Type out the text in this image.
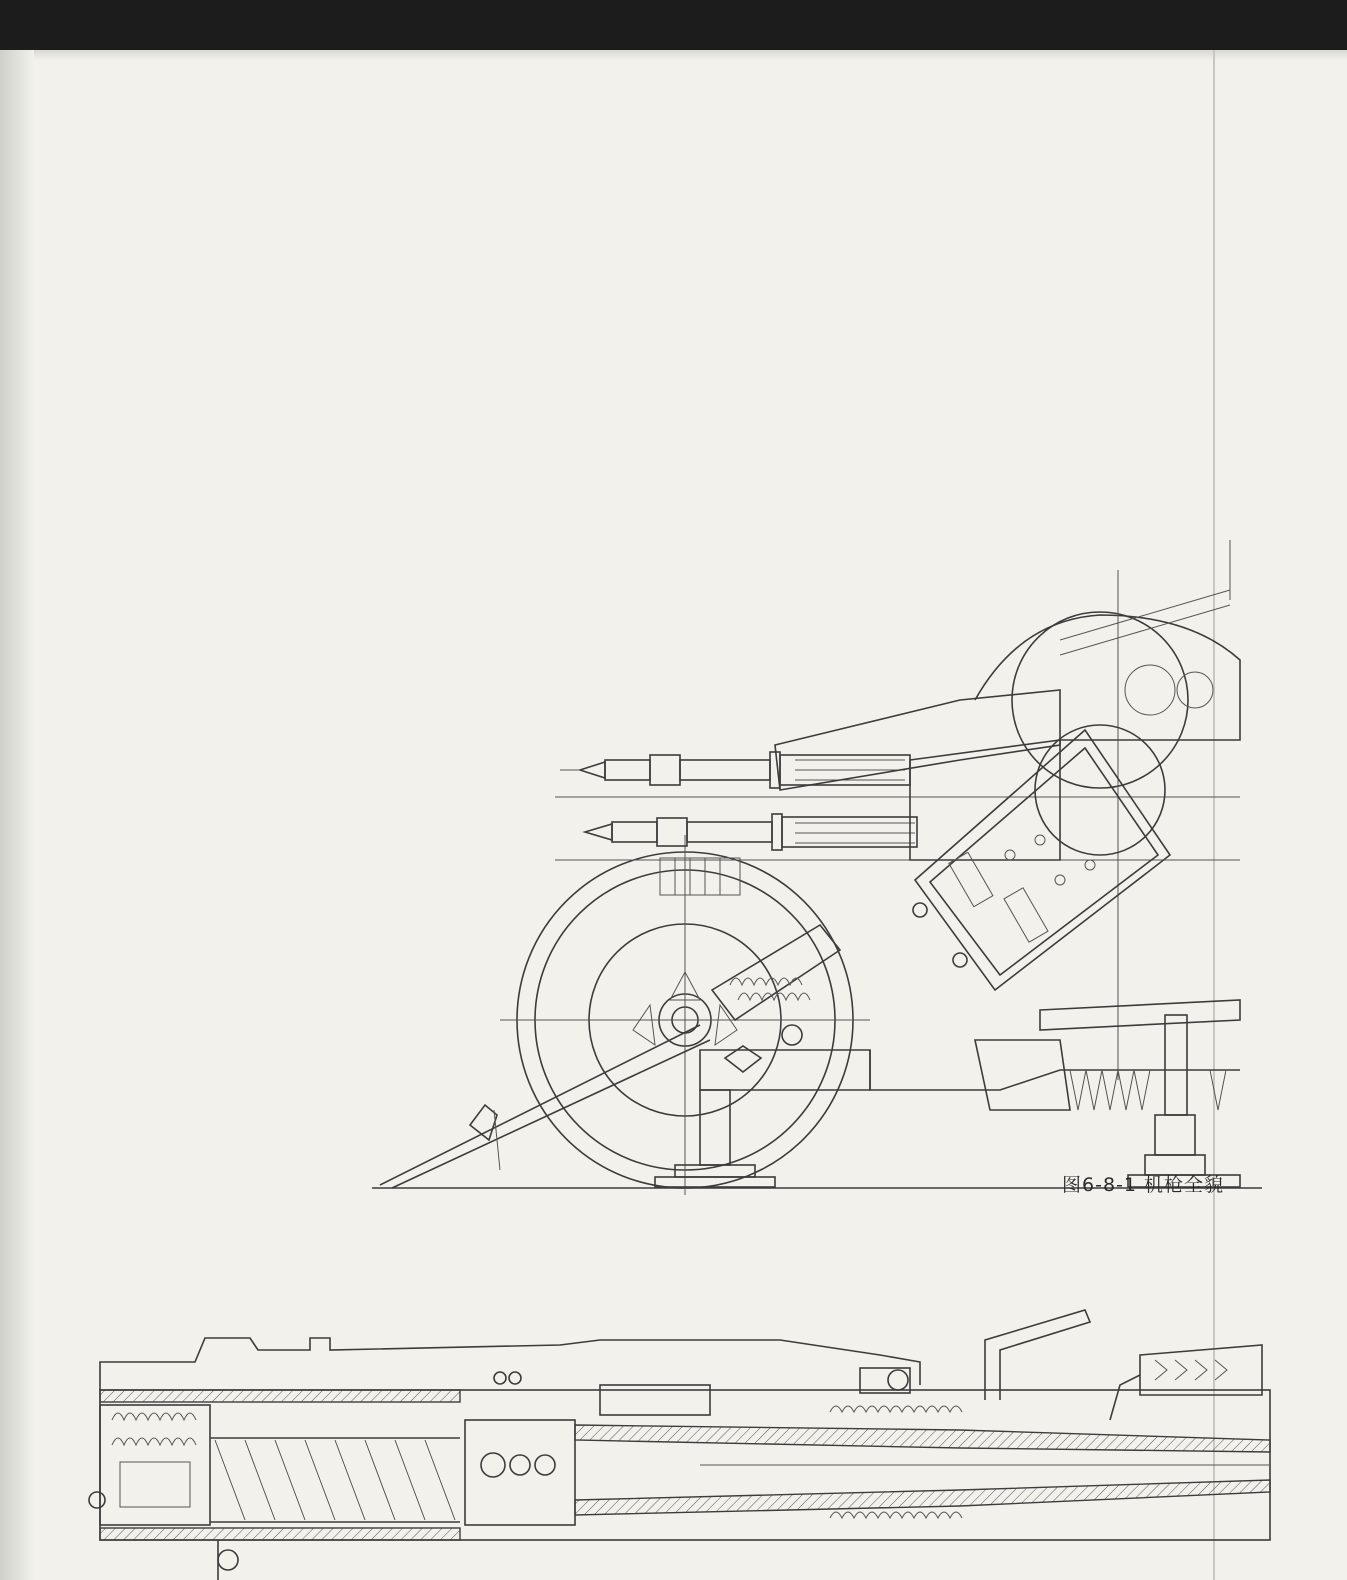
图6-8-1 机枪全貌
